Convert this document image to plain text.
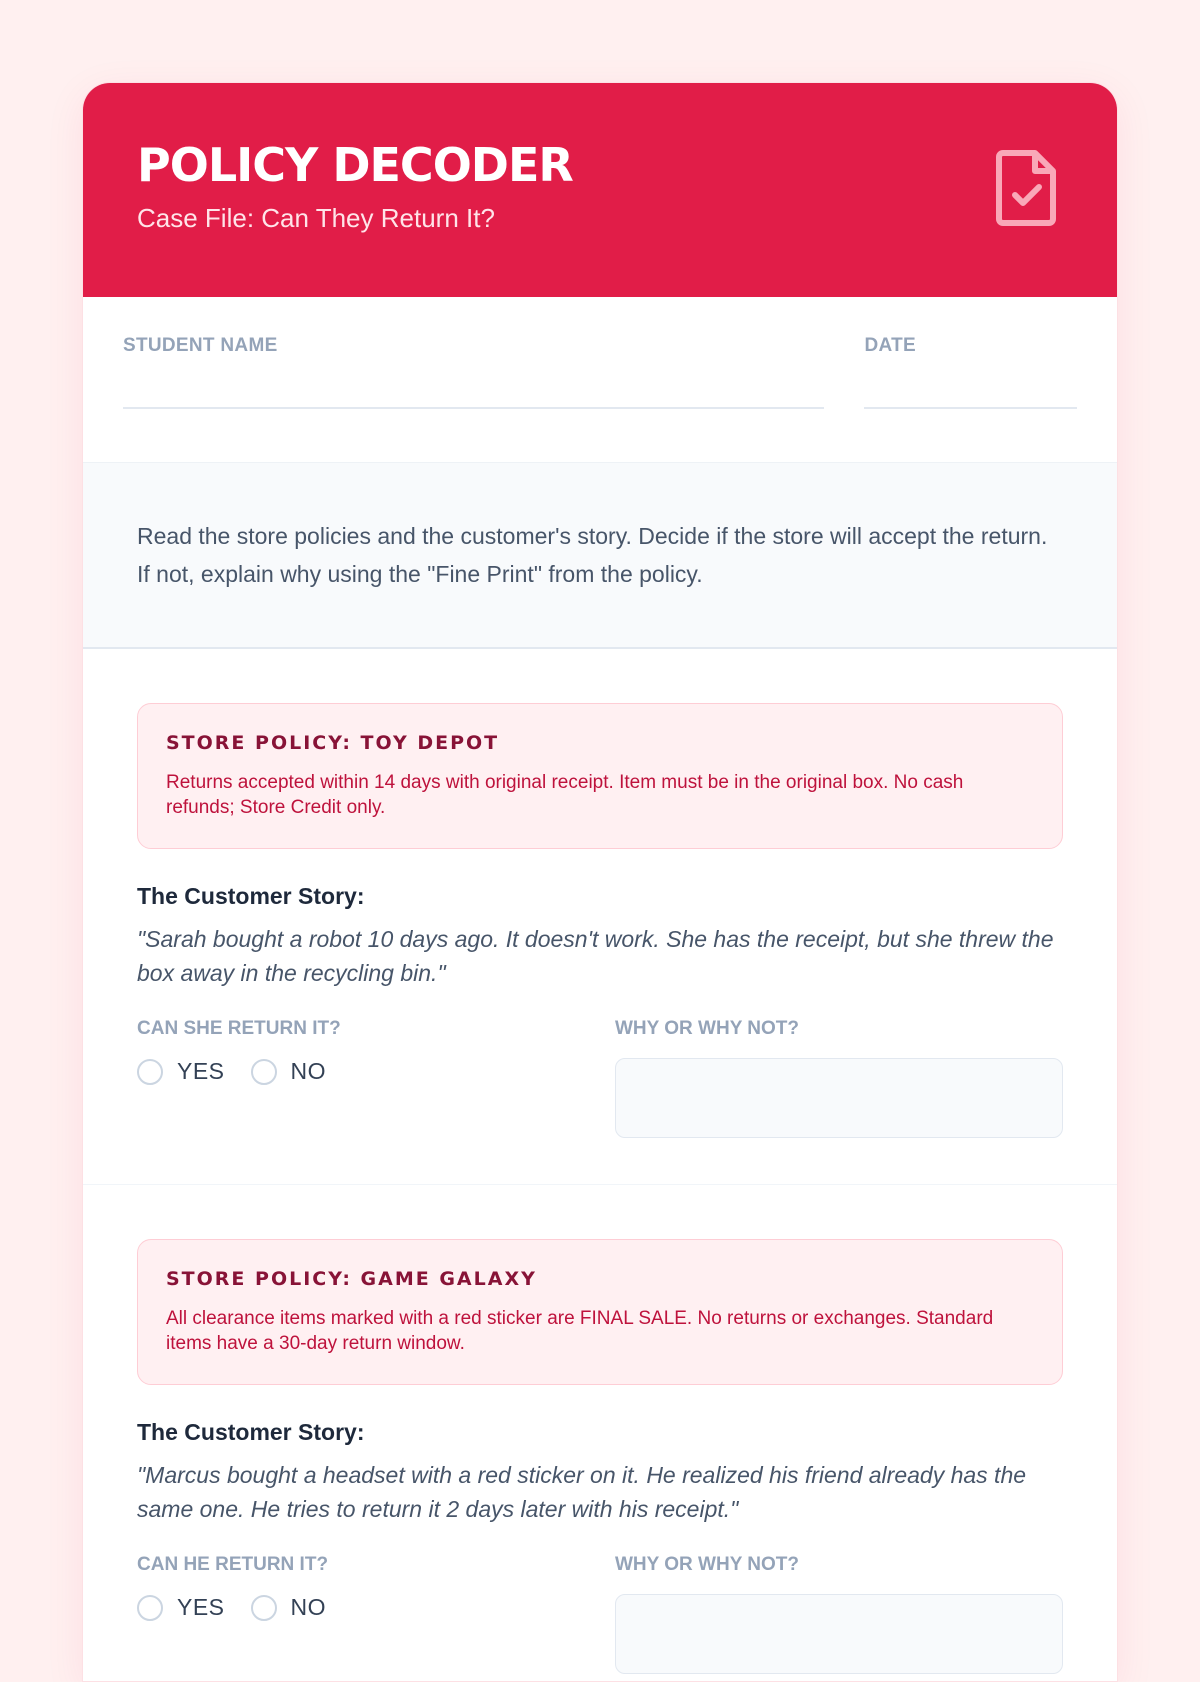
POLICY DECODER
Case File: Can They Return It?
STUDENT NAME	DATE
Read the store policies and the customer's story. Decide if the store will accept the return. If not, explain why using the "Fine Print" from the policy.
STORE POLICY: TOY DEPOT
Returns accepted within 14 days with original receipt. Item must be in the original box. No cash refunds; Store Credit only.
The Customer Story:
"Sarah bought a robot 10 days ago. It doesn't work. She has the receipt, but she threw the box away in the recycling bin."
CAN SHE RETURN IT?
YES	NO
WHY OR WHY NOT?
STORE POLICY: GAME GALAXY
All clearance items marked with a red sticker are FINAL SALE. No returns or exchanges. Standard items have a 30-day return window.
The Customer Story:
"Marcus bought a headset with a red sticker on it. He realized his friend already has the same one. He tries to return it 2 days later with his receipt."
CAN HE RETURN IT?
YES	NO
WHY OR WHY NOT?
